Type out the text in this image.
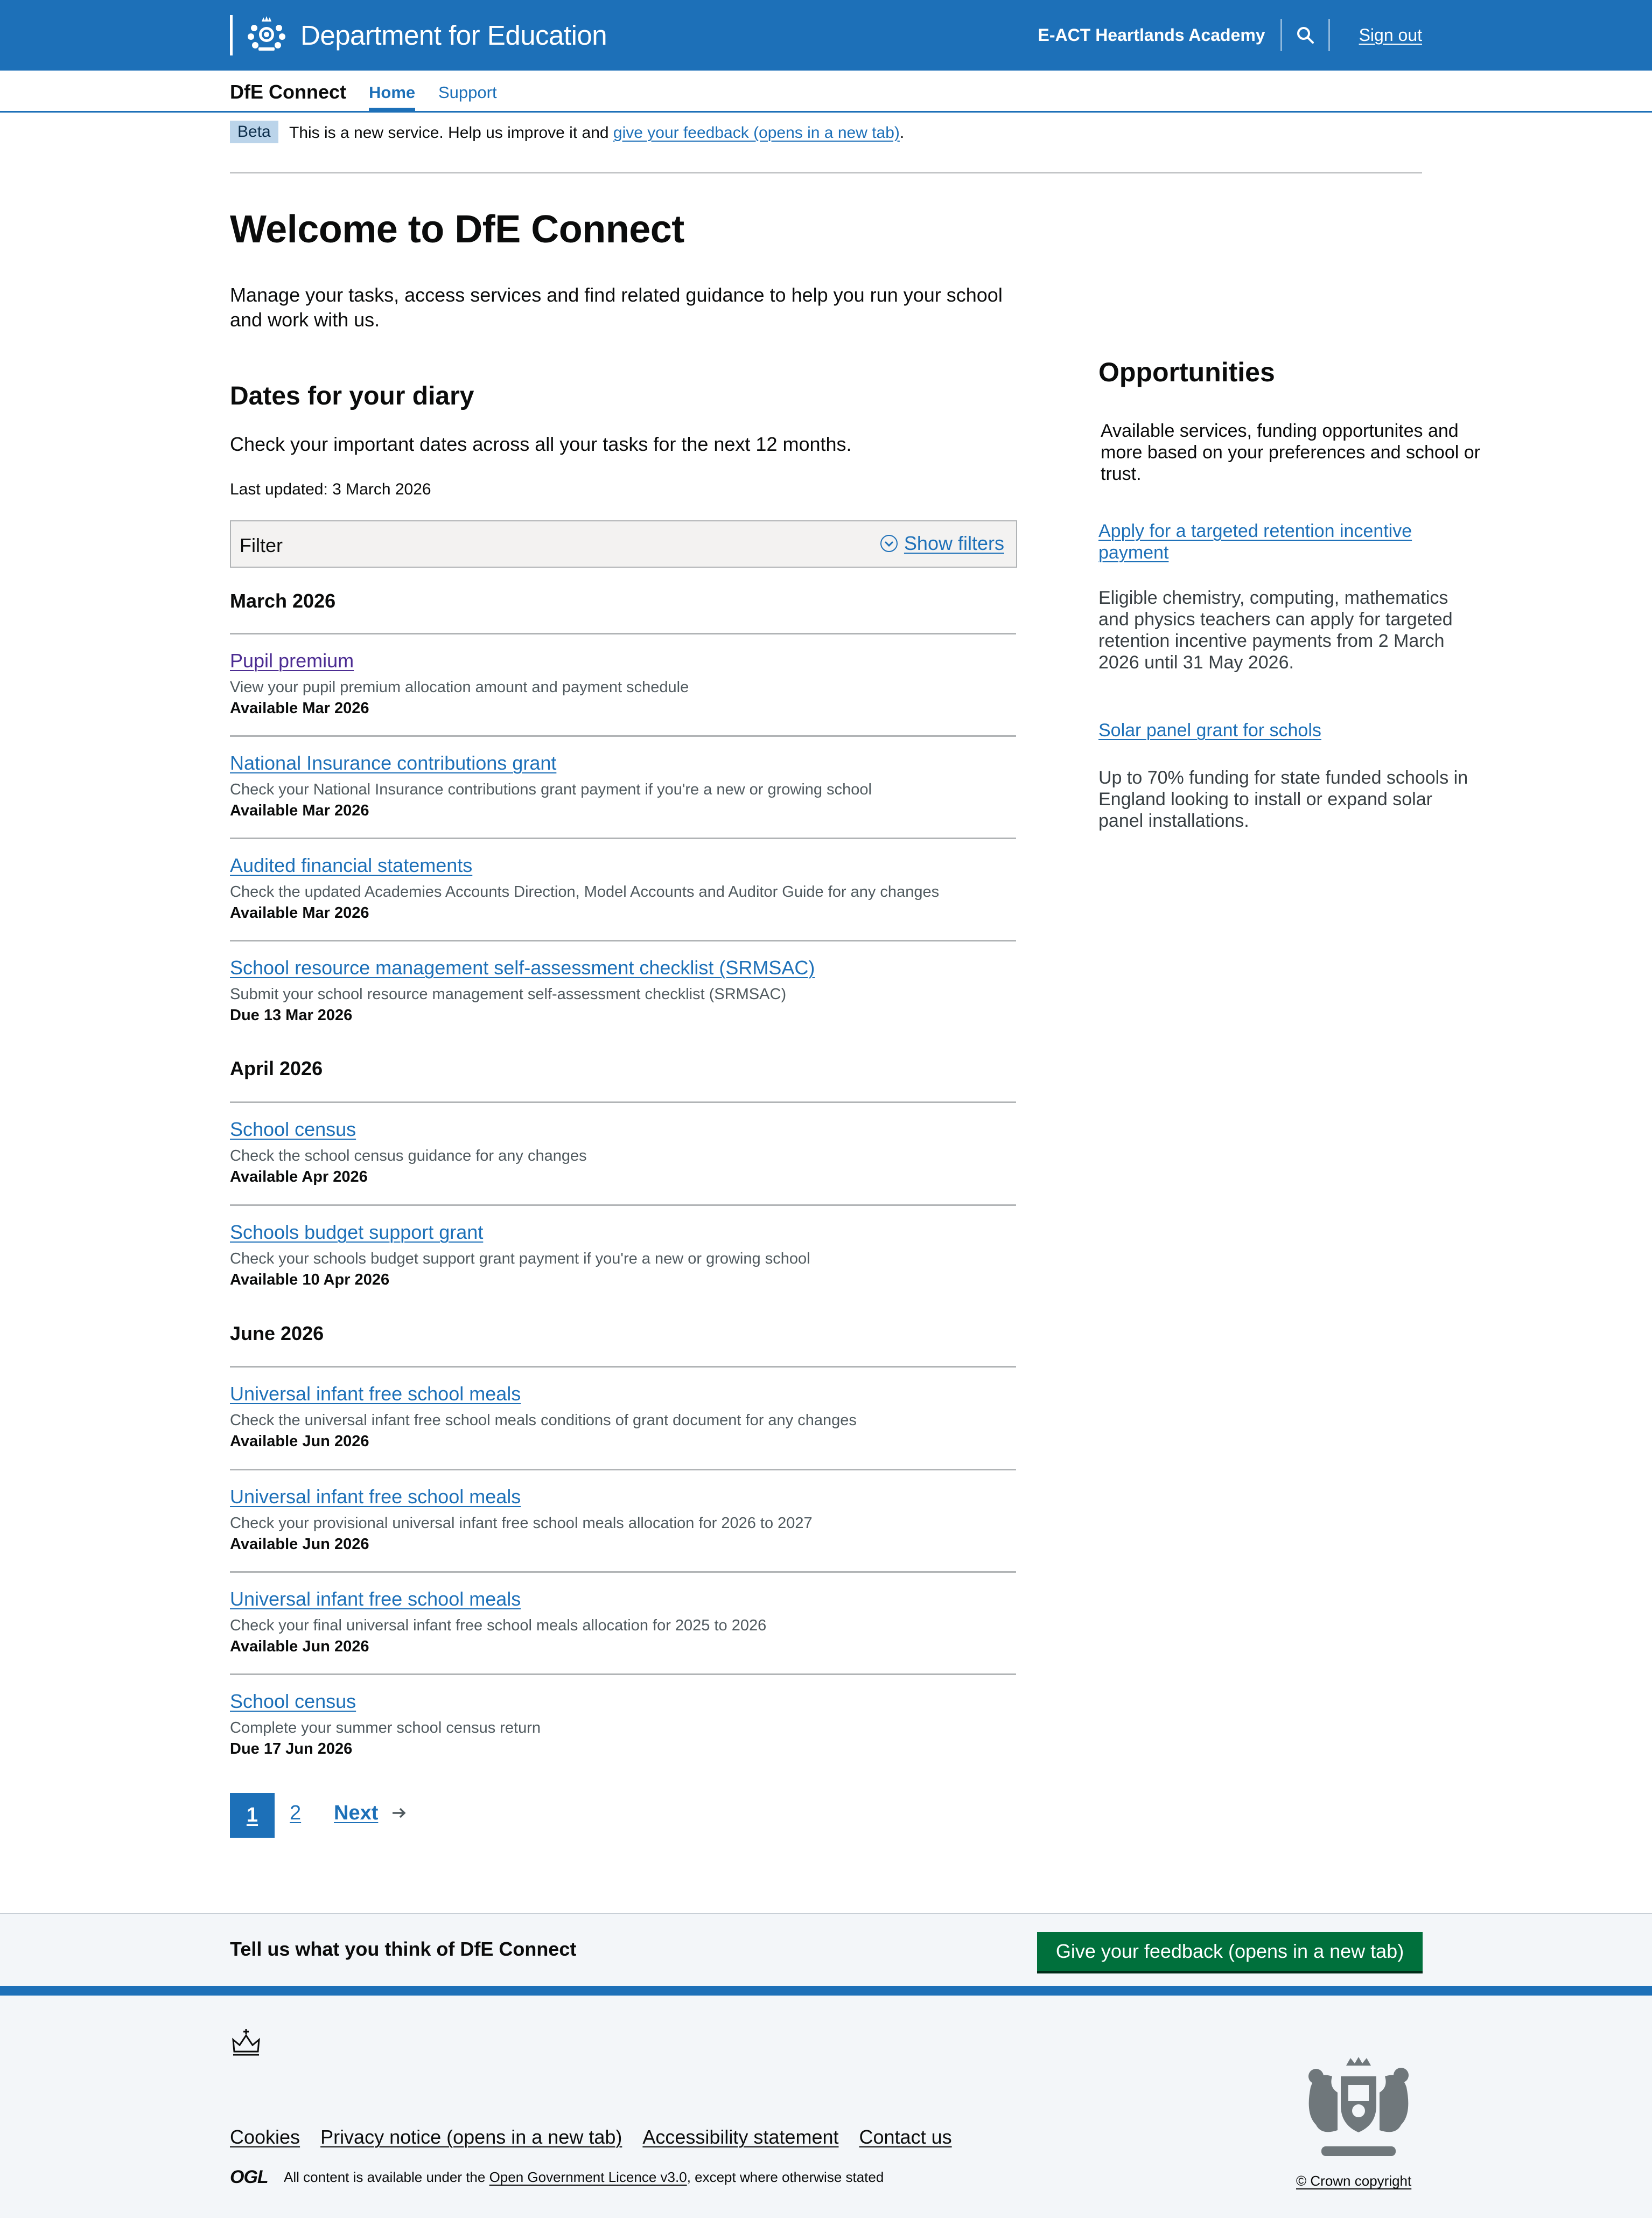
Department for Education	E-ACT Heartlands Academy	Sign out
DfE Connect Home Support
Beta	This is a new service. Help us improve it and give your feedback (opens in a new tab).

Welcome to DfE Connect

Manage your tasks, access services and find related guidance to help you run your school and work with us.

Dates for your diary

Check your important dates across all your tasks for the next 12 months.

Last updated: 3 March 2026

Filter	Show filters
March 2026
Pupil premium
View your pupil premium allocation amount and payment schedule
Available Mar 2026
National Insurance contributions grant
Check your National Insurance contributions grant payment if you're a new or growing school
Available Mar 2026
Audited financial statements
Check the updated Academies Accounts Direction, Model Accounts and Auditor Guide for any changes
Available Mar 2026
School resource management self-assessment checklist (SRMSAC)
Submit your school resource management self-assessment checklist (SRMSAC)
Due 13 Mar 2026
April 2026
School census
Check the school census guidance for any changes
Available Apr 2026
Schools budget support grant
Check your schools budget support grant payment if you're a new or growing school
Available 10 Apr 2026
June 2026
Universal infant free school meals
Check the universal infant free school meals conditions of grant document for any changes
Available Jun 2026
Universal infant free school meals
Check your provisional universal infant free school meals allocation for 2026 to 2027
Available Jun 2026
Universal infant free school meals
Check your final universal infant free school meals allocation for 2025 to 2026
Available Jun 2026
School census
Complete your summer school census return
Due 17 Jun 2026
1 2 Next
Opportunities

Available services, funding opportunites and more based on your preferences and school or trust.

Apply for a targeted retention incentive payment

Eligible chemistry, computing, mathematics and physics teachers can apply for targeted retention incentive payments from 2 March 2026 until 31 May 2026.

Solar panel grant for schols

Up to 70% funding for state funded schools in England looking to install or expand solar panel installations.

Tell us what you think of DfE Connect	Give your feedback (opens in a new tab)
Cookies Privacy notice (opens in a new tab) Accessibility statement Contact us
OGL All content is available under the Open Government Licence v3.0, except where otherwise stated	© Crown copyright
